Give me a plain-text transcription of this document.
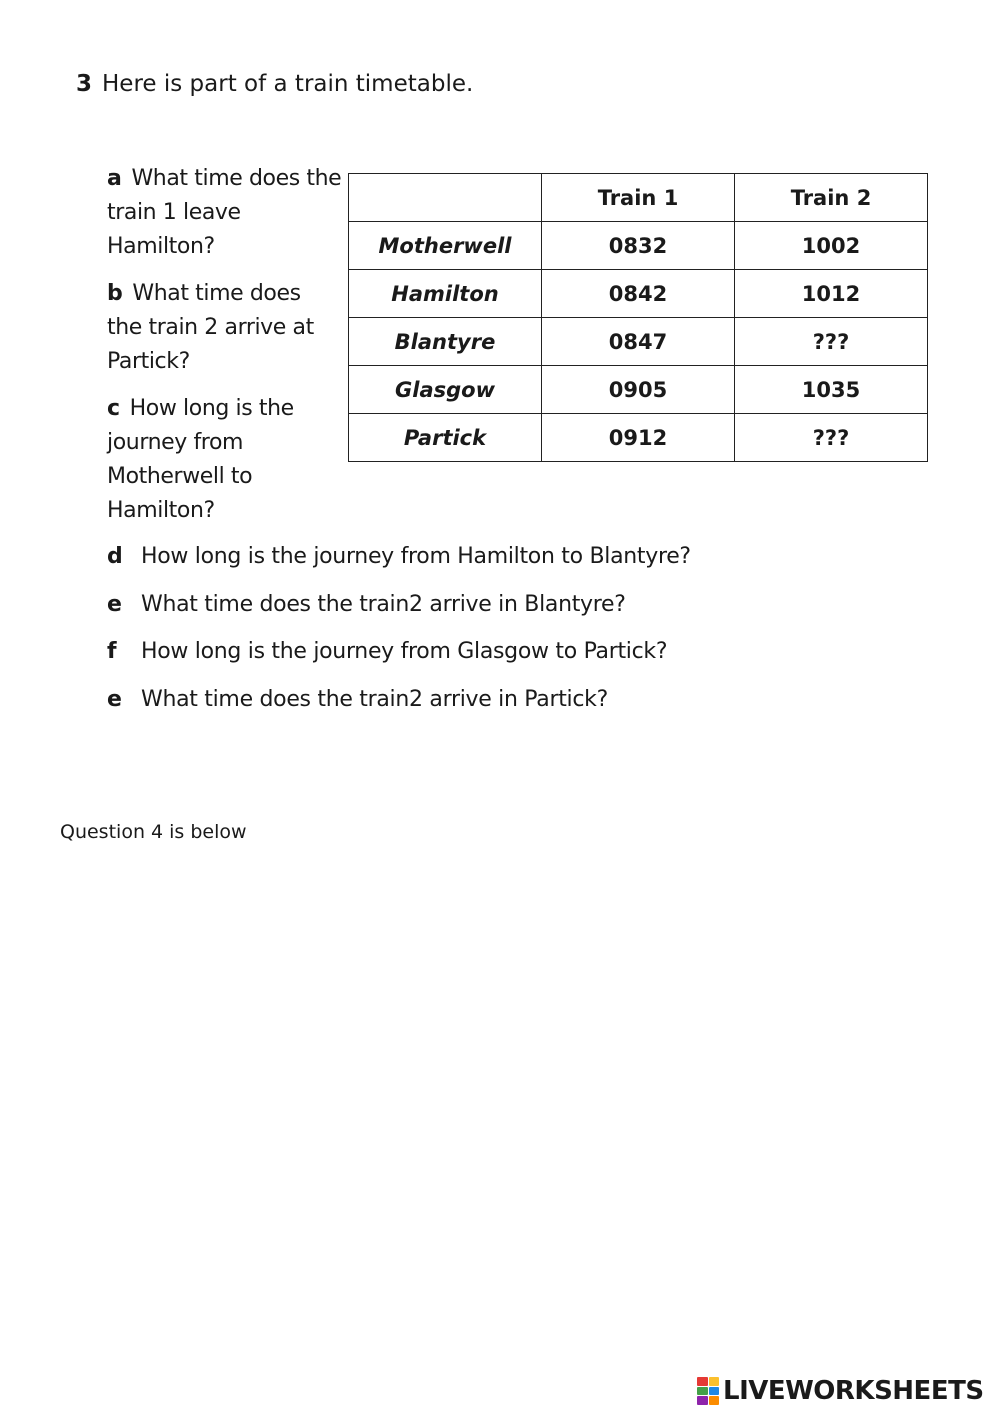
3 Here is part of a train timetable.
a What time does the train 1 leave Hamilton?
b What time does the train 2 arrive at Partick?
c How long is the journey from Motherwell to Hamilton?
	Train 1	Train 2
Motherwell	0832	1002
Hamilton	0842	1012
Blantyre	0847	???
Glasgow	0905	1035
Partick	0912	???
d How long is the journey from Hamilton to Blantyre?
e What time does the train2 arrive in Blantyre?
f How long is the journey from Glasgow to Partick?
e What time does the train2 arrive in Partick?
Question 4 is below
LIVEWORKSHEETS
